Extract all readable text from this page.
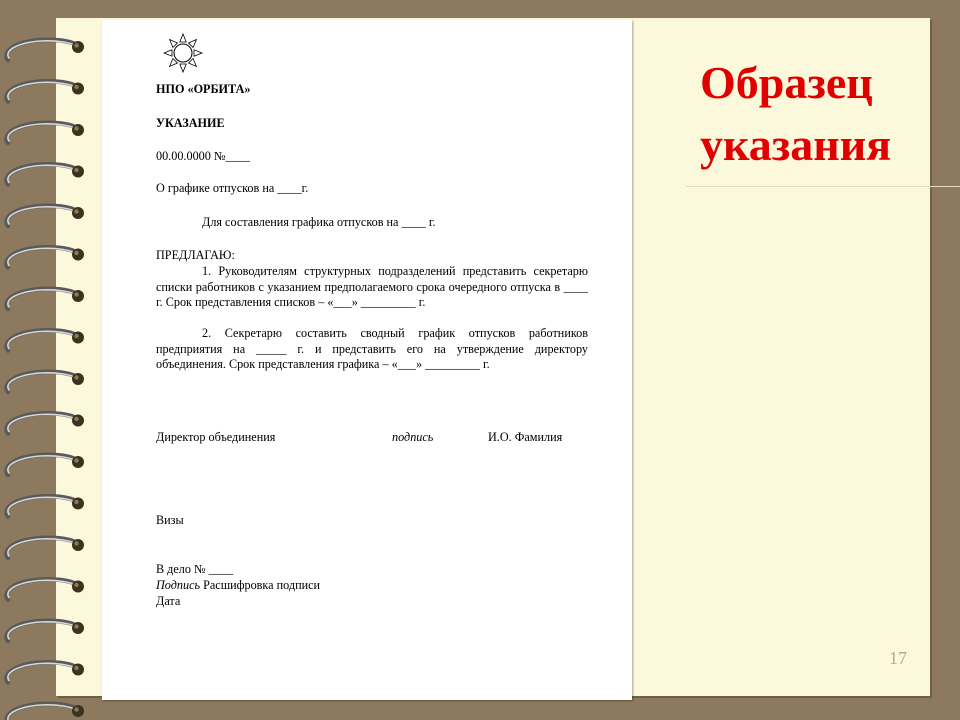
Образец
указания
17
НПО «ОРБИТА»
УКАЗАНИЕ
00.00.0000 №____
О графике отпусков на ____г.
Для составления графика отпусков на ____ г.
ПРЕДЛАГАЮ:
1. Руководителям структурных подразделений представить секретарю списки работников с указанием предполагаемого срока очередного отпуска в ____ г. Срок представления списков – «___» _________ г.
2. Секретарю составить сводный график отпусков работников предприятия на _____ г. и представить его на утверждение директору объединения. Срок представления графика – «___» _________ г.
Директор объединения	подпись	И.О. Фамилия
Визы
В дело № ____
Подпись Расшифровка подписи
Дата
